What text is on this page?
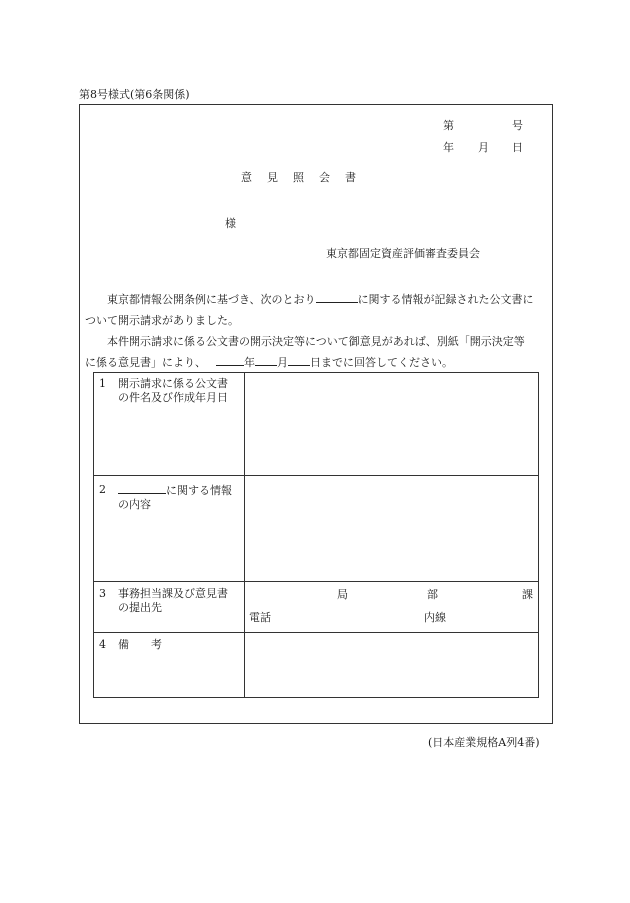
第8号様式(第6条関係)
第	号
年 月 日
意　見　照　会　書
様
東京都固定資産評価審査委員会
東京都情報公開条例に基づき、次のとおり	に関する情報が記録された公文書に
ついて開示請求がありました。
本件開示請求に係る公文書の開示決定等について御意見があれば、別紙「開示決定等
に係る意見書」により、	年 月 日までに回答してください。
1	開示請求に係る公文書
の件名及び作成年月日
2	に関する情報
の内容
3	事務担当課及び意見書
の提出先
局	部	課
電話	内線
4	備　　考
(日本産業規格A列4番)
